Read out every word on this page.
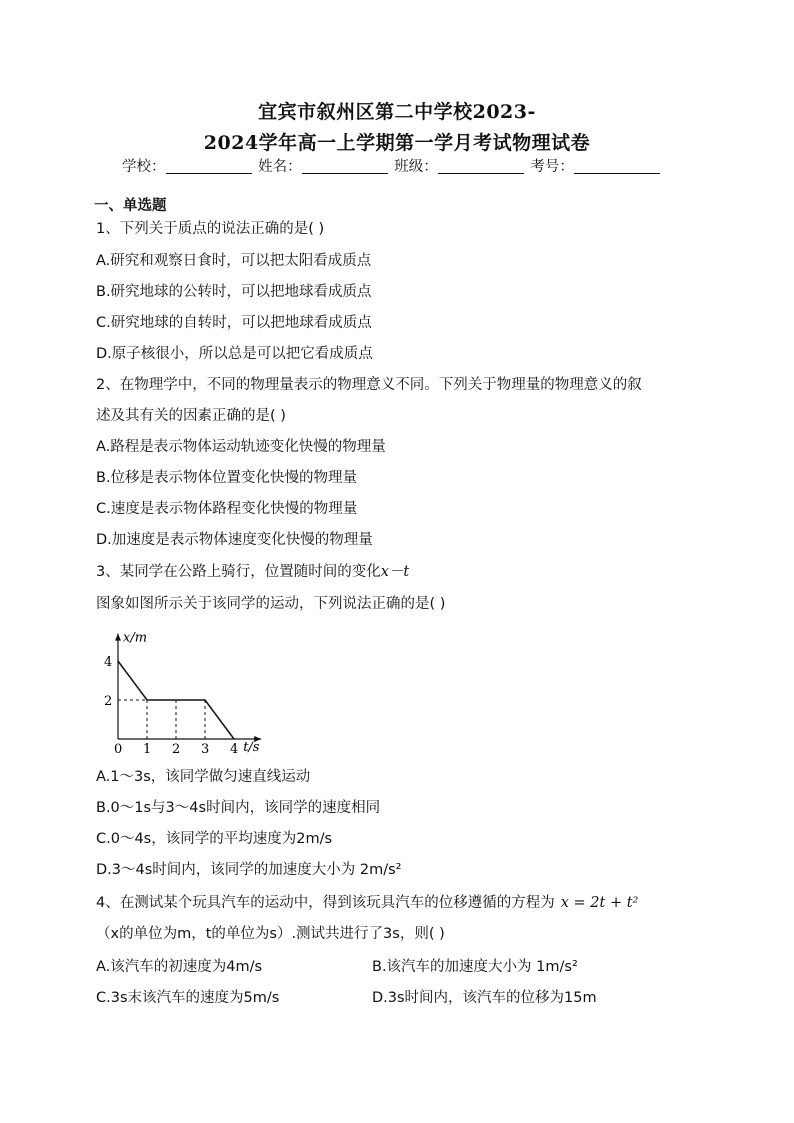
宜宾市叙州区第二中学校2023-
2024学年高一上学期第一学月考试物理试卷
学校：	姓名：	班级：	考号：
一、单选题
1、下列关于质点的说法正确的是( )
A.研究和观察日食时，可以把太阳看成质点
B.研究地球的公转时，可以把地球看成质点
C.研究地球的自转时，可以把地球看成质点
D.原子核很小，所以总是可以把它看成质点
2、在物理学中，不同的物理量表示的物理意义不同。下列关于物理量的物理意义的叙
述及其有关的因素正确的是( )
A.路程是表示物体运动轨迹变化快慢的物理量
B.位移是表示物体位置变化快慢的物理量
C.速度是表示物体路程变化快慢的物理量
D.加速度是表示物体速度变化快慢的物理量
3、某同学在公路上骑行，位置随时间的变化x－t
图象如图所示关于该同学的运动，下列说法正确的是( )
x/m
t/s
0 1 2 3 4
2
4
A.1～3s，该同学做匀速直线运动
B.0～1s与3～4s时间内，该同学的速度相同
C.0～4s，该同学的平均速度为2m/s
D.3～4s时间内，该同学的加速度大小为 2m/s²
4、在测试某个玩具汽车的运动中，得到该玩具汽车的位移遵循的方程为 x = 2t + t²
（x的单位为m，t的单位为s）.测试共进行了3s，则( )
A.该汽车的初速度为4m/s	B.该汽车的加速度大小为 1m/s²
C.3s末该汽车的速度为5m/s	D.3s时间内，该汽车的位移为15m
